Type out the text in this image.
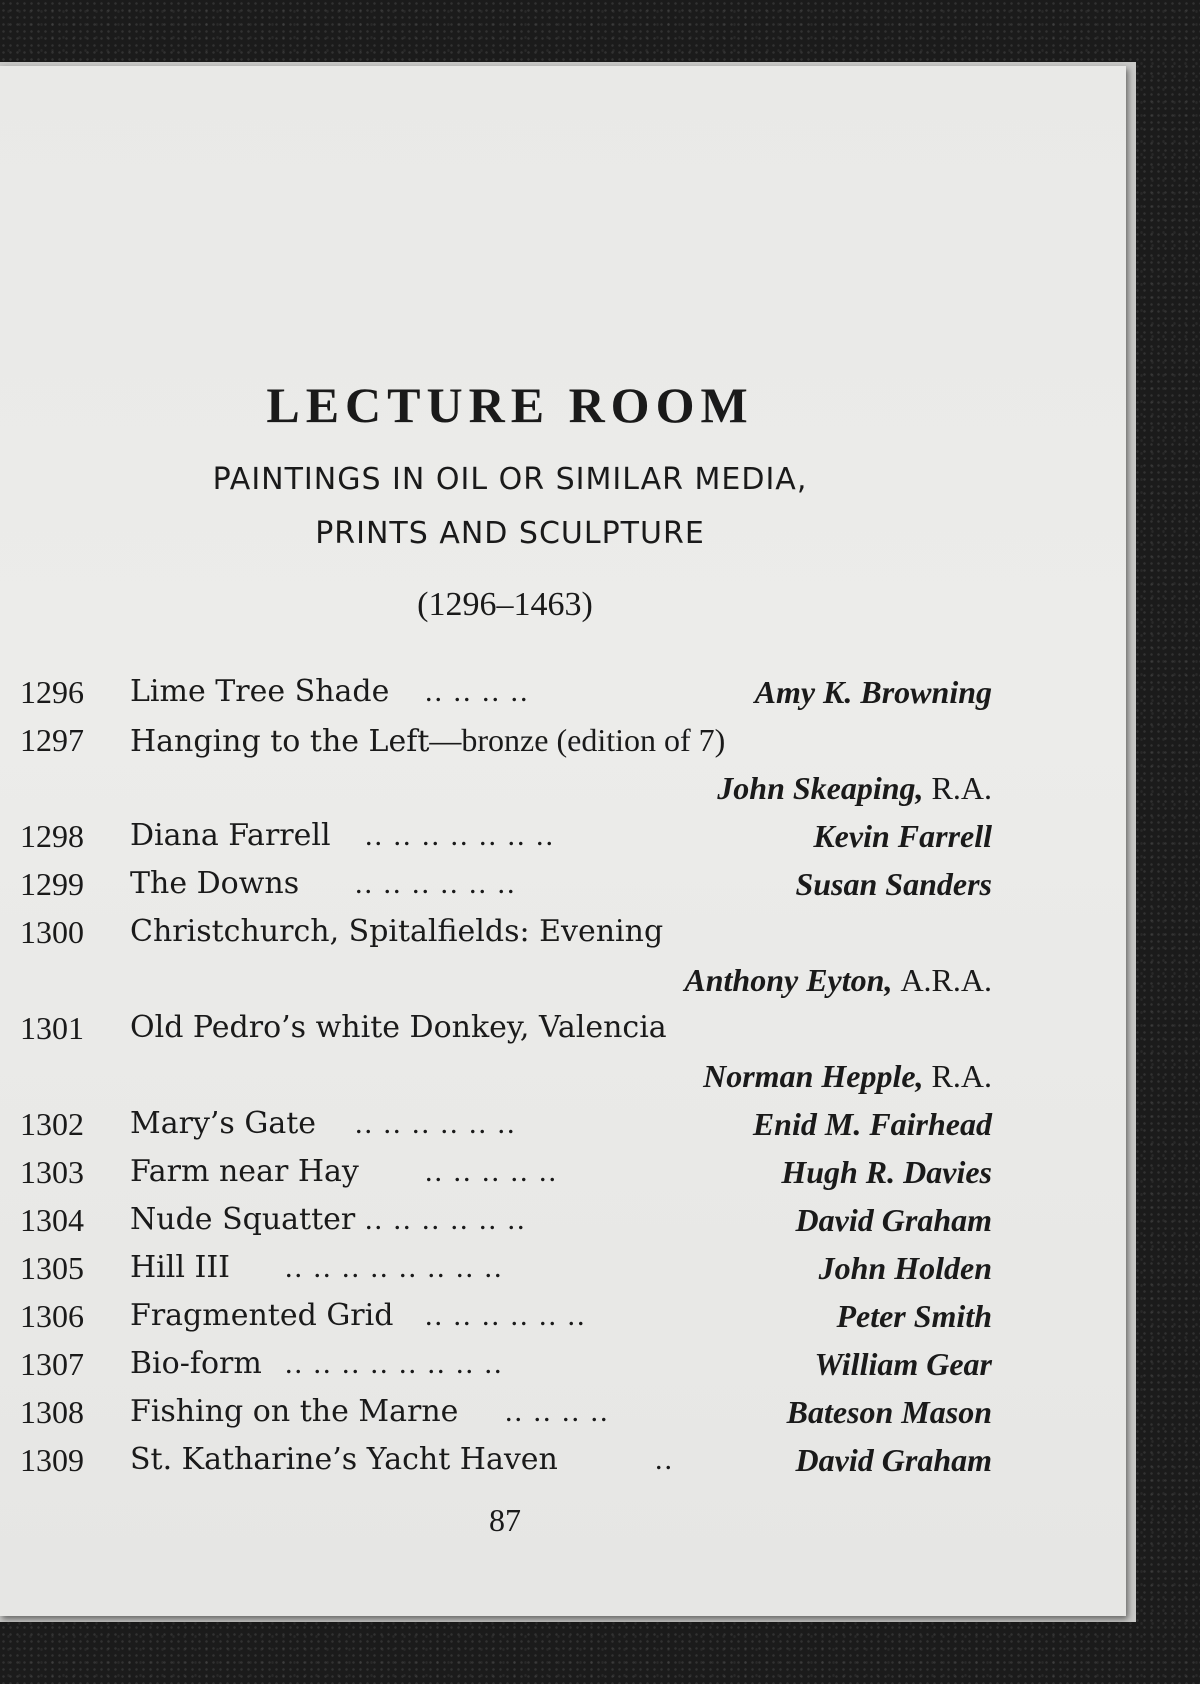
LECTURE ROOM
PAINTINGS IN OIL OR SIMILAR MEDIA,
PRINTS AND SCULPTURE
(1296–1463)
1296 Lime Tree Shade .. .. .. ..	Amy K. Browning
1297 Hanging to the Left—bronze (edition of 7)
John Skeaping, R.A.
1298 Diana Farrell .. .. .. .. .. .. ..	Kevin Farrell
1299 The Downs .. .. .. .. .. ..	Susan Sanders
1300 Christchurch, Spitalfields: Evening
Anthony Eyton, A.R.A.
1301 Old Pedro’s white Donkey, Valencia
Norman Hepple, R.A.
1302 Mary’s Gate .. .. .. .. .. ..	Enid M. Fairhead
1303 Farm near Hay .. .. .. .. ..	Hugh R. Davies
1304 Nude Squatter .. .. .. .. .. ..	David Graham
1305 Hill III .. .. .. .. .. .. .. ..	John Holden
1306 Fragmented Grid .. .. .. .. .. ..	Peter Smith
1307 Bio-form .. .. .. .. .. .. .. ..	William Gear
1308 Fishing on the Marne .. .. .. ..	Bateson Mason
1309 St. Katharine’s Yacht Haven	..	David Graham
87
